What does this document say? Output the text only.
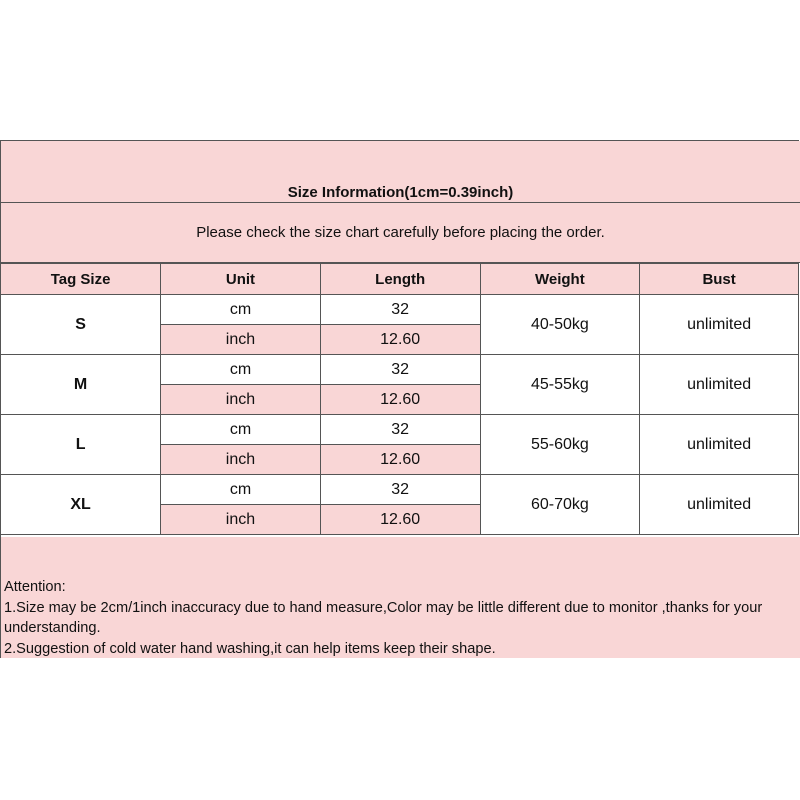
Size Information(1cm=0.39inch)
Please check the size chart carefully before placing the order.
Tag Size	Unit	Length	Weight	Bust
S	cm	32	40-50kg	unlimited
	inch	12.60		
M	cm	32	45-55kg	unlimited
	inch	12.60		
L	cm	32	55-60kg	unlimited
	inch	12.60		
XL	cm	32	60-70kg	unlimited
	inch	12.60		
Attention:
1.Size may be 2cm/1inch inaccuracy due to hand measure,Color may be little different due to monitor ,thanks for your understanding.
2.Suggestion of cold water hand washing,it can help items keep their shape.
